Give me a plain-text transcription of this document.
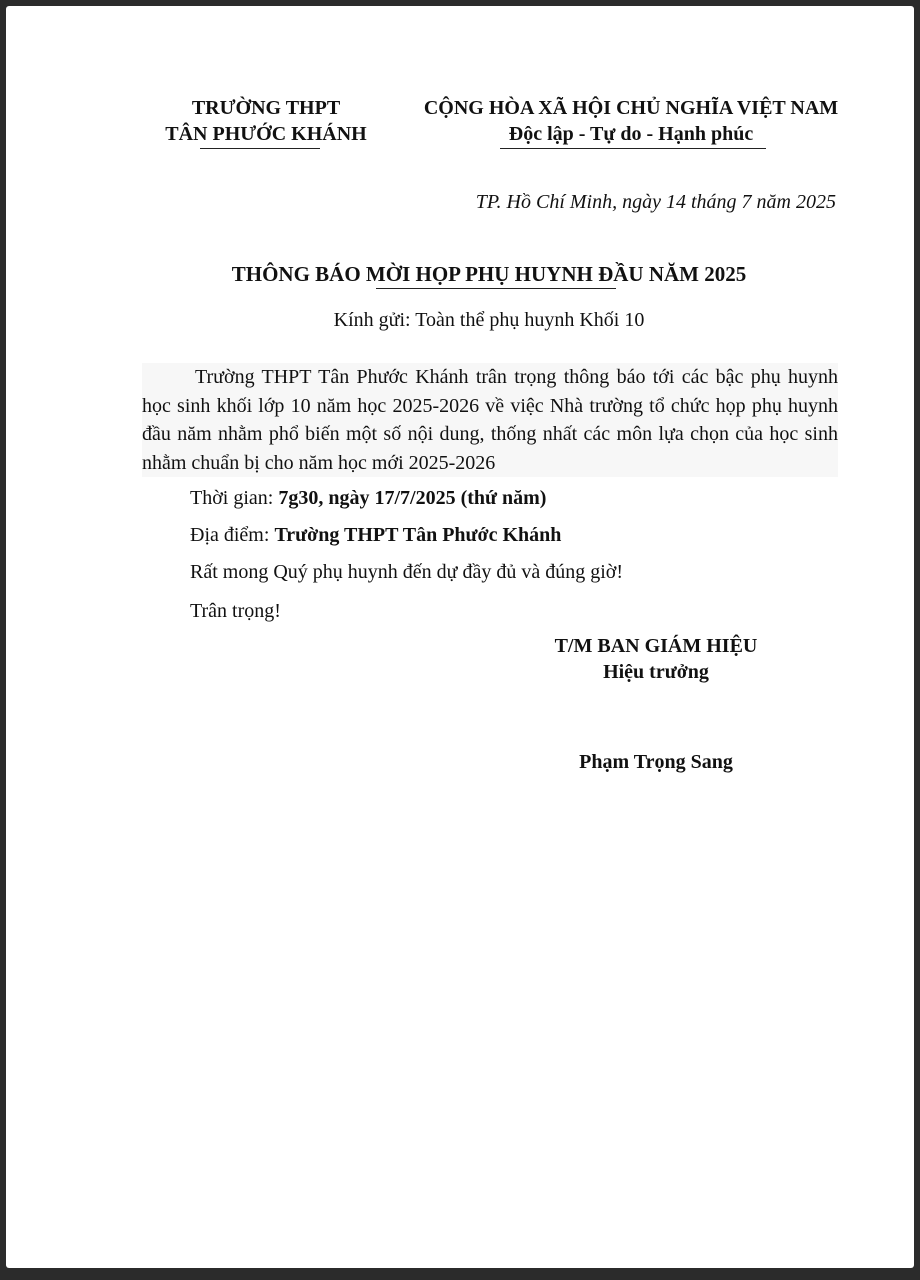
TRƯỜNG THPT
TÂN PHƯỚC KHÁNH
CỘNG HÒA XÃ HỘI CHỦ NGHĨA VIỆT NAM
Độc lập - Tự do - Hạnh phúc
TP. Hồ Chí Minh, ngày 14 tháng 7 năm 2025
THÔNG BÁO MỜI HỌP PHỤ HUYNH ĐẦU NĂM 2025
Kính gửi: Toàn thể phụ huynh Khối 10
Trường THPT Tân Phước Khánh trân trọng thông báo tới các bậc phụ huynh học sinh khối lớp 10 năm học 2025-2026 về việc Nhà trường tổ chức họp phụ huynh đầu năm nhằm phổ biến một số nội dung, thống nhất các môn lựa chọn của học sinh nhằm chuẩn bị cho năm học mới 2025-2026
Thời gian: 7g30, ngày 17/7/2025 (thứ năm)
Địa điểm: Trường THPT Tân Phước Khánh
Rất mong Quý phụ huynh đến dự đầy đủ và đúng giờ!
Trân trọng!
T/M BAN GIÁM HIỆU
Hiệu trưởng
Phạm Trọng Sang
